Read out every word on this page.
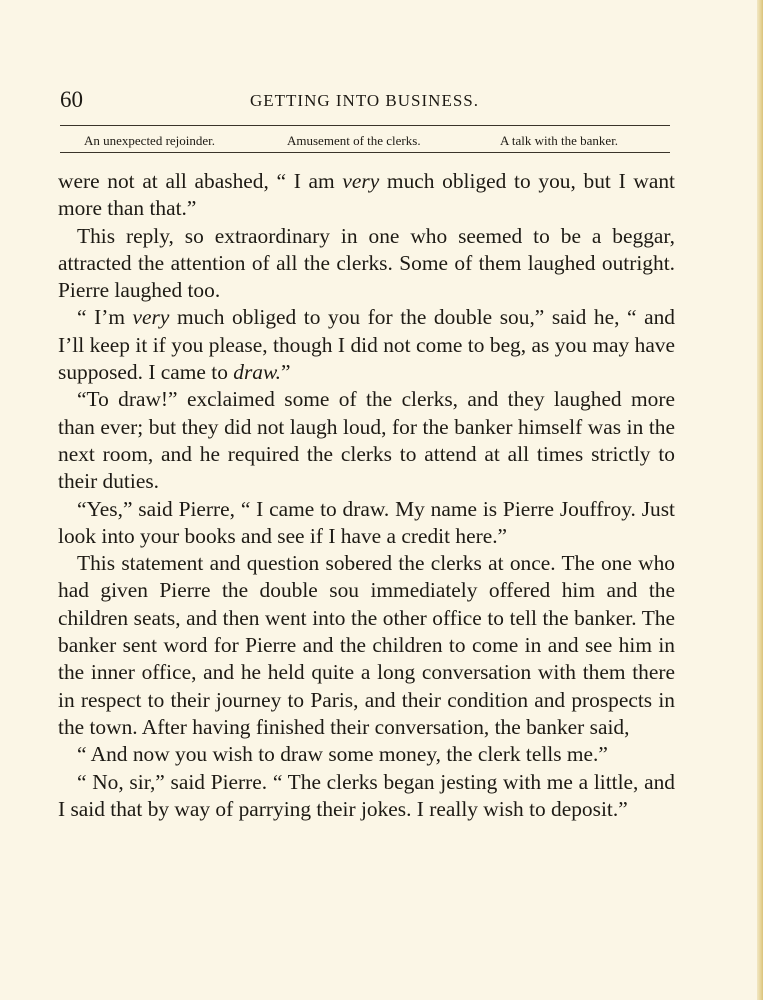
60	GETTING INTO BUSINESS.
An unexpected rejoinder.	Amusement of the clerks.	A talk with the banker.

were not at all abashed, “ I am very much obliged to you, but I want more than that.”

This reply, so extraordinary in one who seemed to be a beggar, attracted the attention of all the clerks. Some of them laughed outright. Pierre laughed too.

“ I’m very much obliged to you for the double sou,” said he, “ and I’ll keep it if you please, though I did not come to beg, as you may have supposed. I came to draw.”

“To draw!” exclaimed some of the clerks, and they laughed more than ever; but they did not laugh loud, for the banker himself was in the next room, and he required the clerks to attend at all times strictly to their duties.

“Yes,” said Pierre, “ I came to draw. My name is Pierre Jouffroy. Just look into your books and see if I have a credit here.”

This statement and question sobered the clerks at once. The one who had given Pierre the double sou immediately offered him and the children seats, and then went into the other office to tell the banker. The banker sent word for Pierre and the children to come in and see him in the inner office, and he held quite a long conversation with them there in respect to their journey to Paris, and their condition and prospects in the town. After having finished their conversation, the banker said,

“ And now you wish to draw some money, the clerk tells me.”

“ No, sir,” said Pierre. “ The clerks began jesting with me a little, and I said that by way of parrying their jokes. I really wish to deposit.”
